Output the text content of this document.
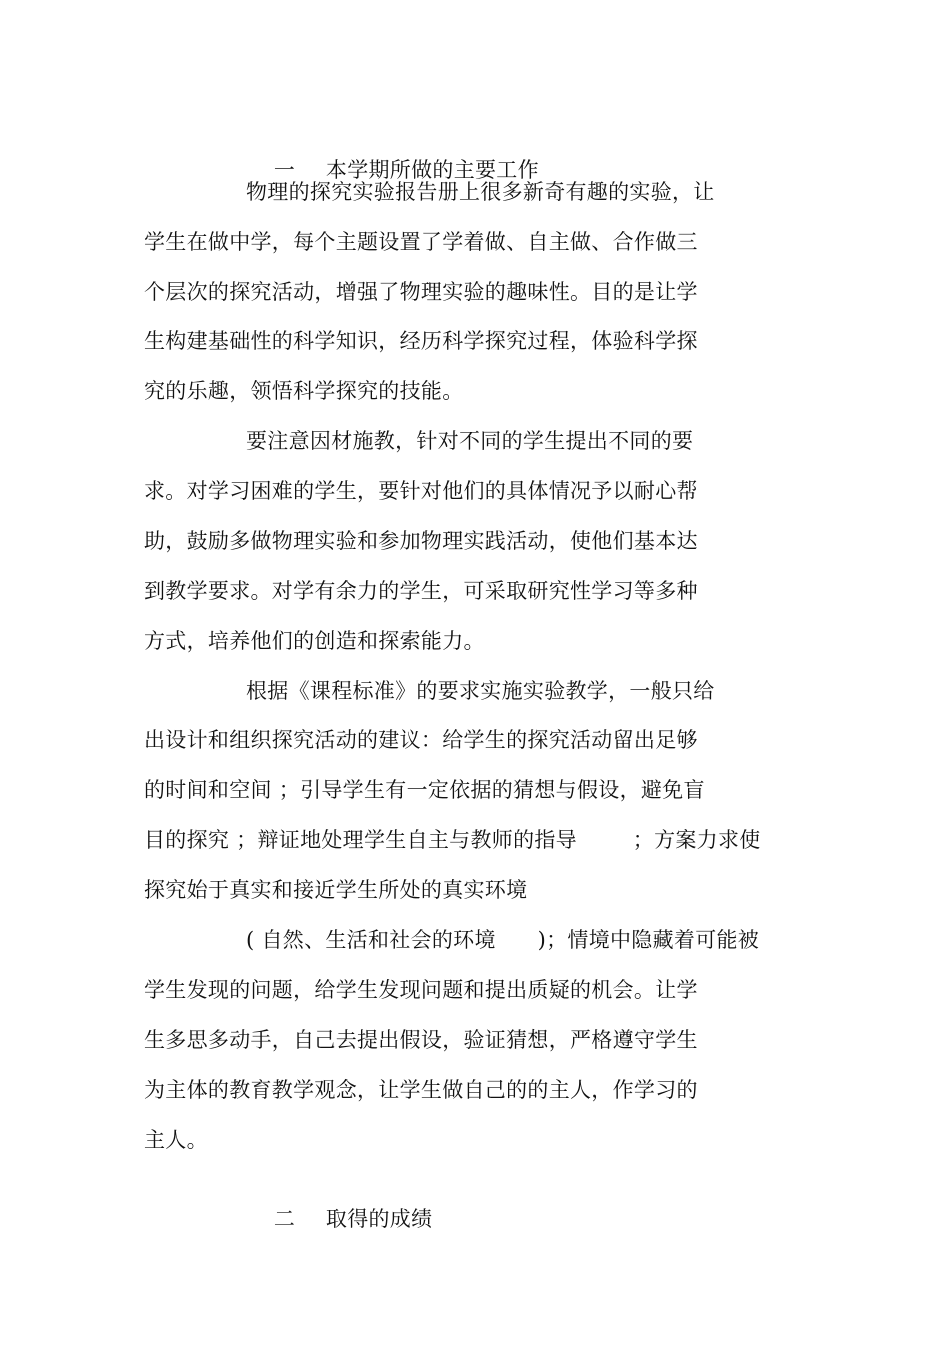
一 本学期所做的主要工作

物理的探究实验报告册上很多新奇有趣的实验，让
学生在做中学，每个主题设置了学着做、自主做、合作做三
个层次的探究活动，增强了物理实验的趣味性。目的是让学
生构建基础性的科学知识，经历科学探究过程，体验科学探
究的乐趣，领悟科学探究的技能。
要注意因材施教，针对不同的学生提出不同的要
求。对学习困难的学生，要针对他们的具体情况予以耐心帮
助，鼓励多做物理实验和参加物理实践活动，使他们基本达
到教学要求。对学有余力的学生，可采取研究性学习等多种
方式，培养他们的创造和探索能力。
根据《课程标准》的要求实施实验教学，一般只给
出设计和组织探究活动的建议：给学生的探究活动留出足够
的时间和空间 ；引导学生有一定依据的猜想与假设，避免盲
目的探究 ；辩证地处理学生自主与教师的指导        ；方案力求使
探究始于真实和接近学生所处的真实环境
( 自然、生活和社会的环境      )；情境中隐藏着可能被
学生发现的问题，给学生发现问题和提出质疑的机会。让学
生多思多动手，自己去提出假设，验证猜想，严格遵守学生
为主体的教育教学观念，让学生做自己的的主人，作学习的
主人。

二 取得的成绩
